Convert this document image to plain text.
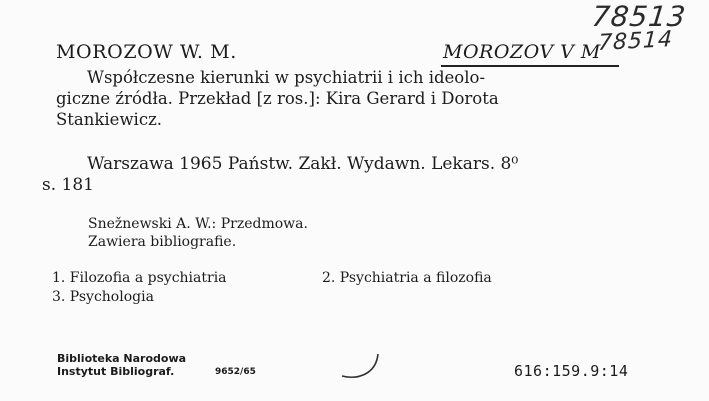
78513
78514
MOROZOW W. M.	MOROZOV V M
Współczesne kierunki w psychiatrii i ich ideolo-
giczne źródła. Przekład [z ros.]: Kira Gerard i Dorota
Stankiewicz.
Warszawa 1965 Państw. Zakł. Wydawn. Lekars. 8⁰
s. 181
Snežnewski A. W.: Przedmowa.
Zawiera bibliografie.
1. Filozofia a psychiatria	2. Psychiatria a filozofia
3. Psychologia
Biblioteka Narodowa
Instytut Bibliograf.	9652/65	616:159.9:14
